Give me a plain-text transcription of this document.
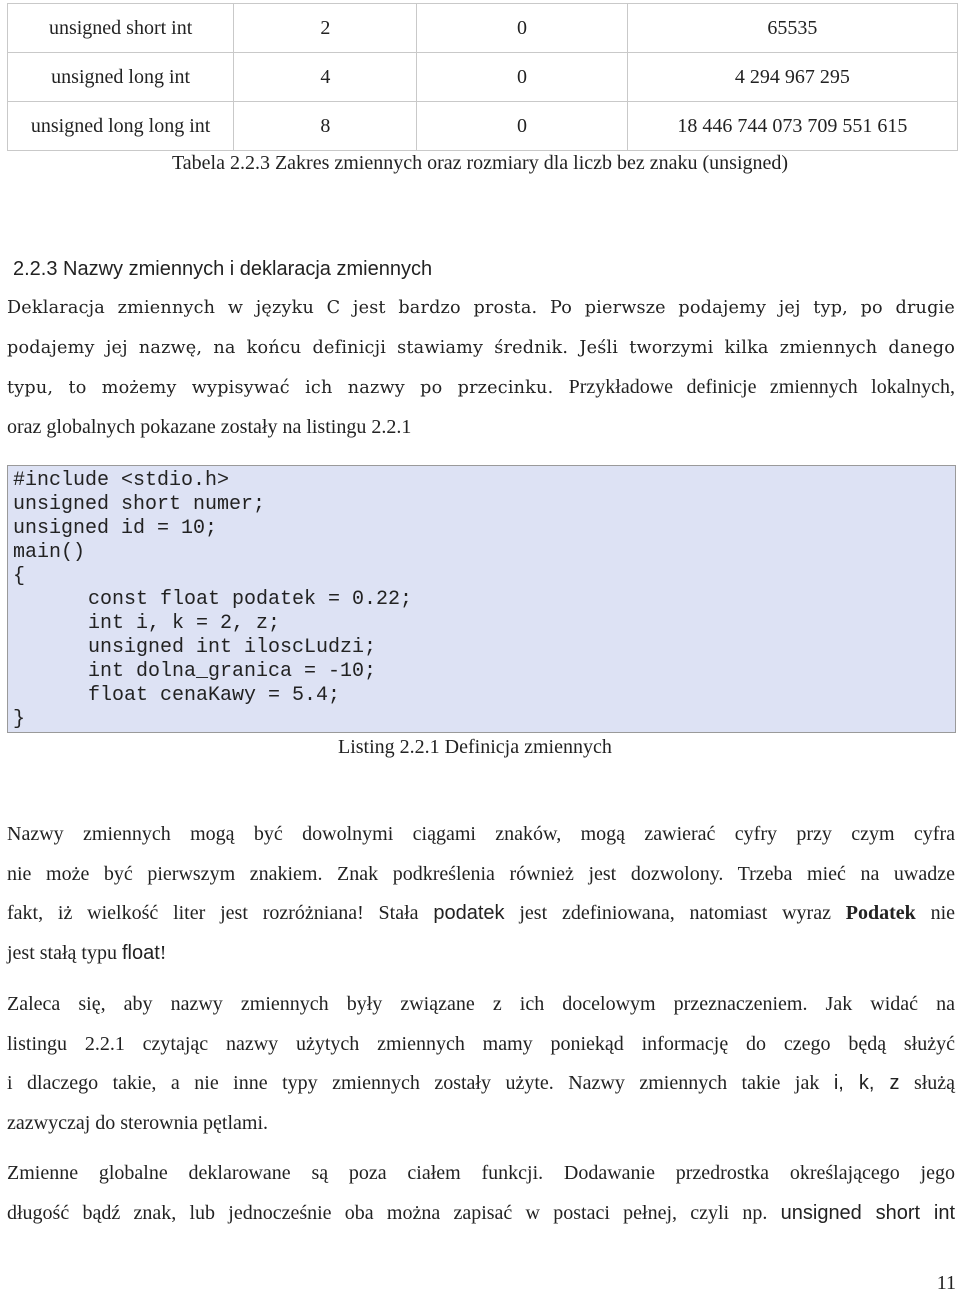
unsigned short int	2	0	65535
unsigned long int	4	0	4 294 967 295
unsigned long long int	8	0	18 446 744 073 709 551 615
Tabela 2.2.3 Zakres zmiennych oraz rozmiary dla liczb bez znaku (unsigned)
2.2.3 Nazwy zmiennych i deklaracja zmiennych
Deklaracja zmiennych w języku C jest bardzo prosta. Po pierwsze podajemy jej typ, po drugie
podajemy jej nazwę, na końcu definicji stawiamy średnik. Jeśli tworzymi kilka zmiennych danego
typu, to możemy wypisywać ich nazwy po przecinku. Przykładowe definicje zmiennych lokalnych,
oraz globalnych pokazane zostały na listingu 2.2.1
#include <stdio.h>
unsigned short numer;
unsigned id = 10;
main()
{
const float podatek = 0.22;
int i, k = 2, z;
unsigned int iloscLudzi;
int dolna_granica = -10;
float cenaKawy = 5.4;
}
Listing 2.2.1 Definicja zmiennych
Nazwy zmiennych mogą być dowolnymi ciągami znaków, mogą zawierać cyfry przy czym cyfra
nie może być pierwszym znakiem. Znak podkreślenia również jest dozwolony. Trzeba mieć na uwadze
fakt, iż wielkość liter jest rozróżniana! Stała podatek jest zdefiniowana, natomiast wyraz Podatek nie
jest stałą typu float!
Zaleca się, aby nazwy zmiennych były związane z ich docelowym przeznaczeniem. Jak widać na
listingu 2.2.1 czytając nazwy użytych zmiennych mamy poniekąd informację do czego będą służyć
i dlaczego takie, a nie inne typy zmiennych zostały użyte. Nazwy zmiennych takie jak i, k, z służą
zazwyczaj do sterownia pętlami.
Zmienne globalne deklarowane są poza ciałem funkcji. Dodawanie przedrostka określającego jego
długość bądź znak, lub jednocześnie oba można zapisać w postaci pełnej, czyli np. unsigned short int
11
